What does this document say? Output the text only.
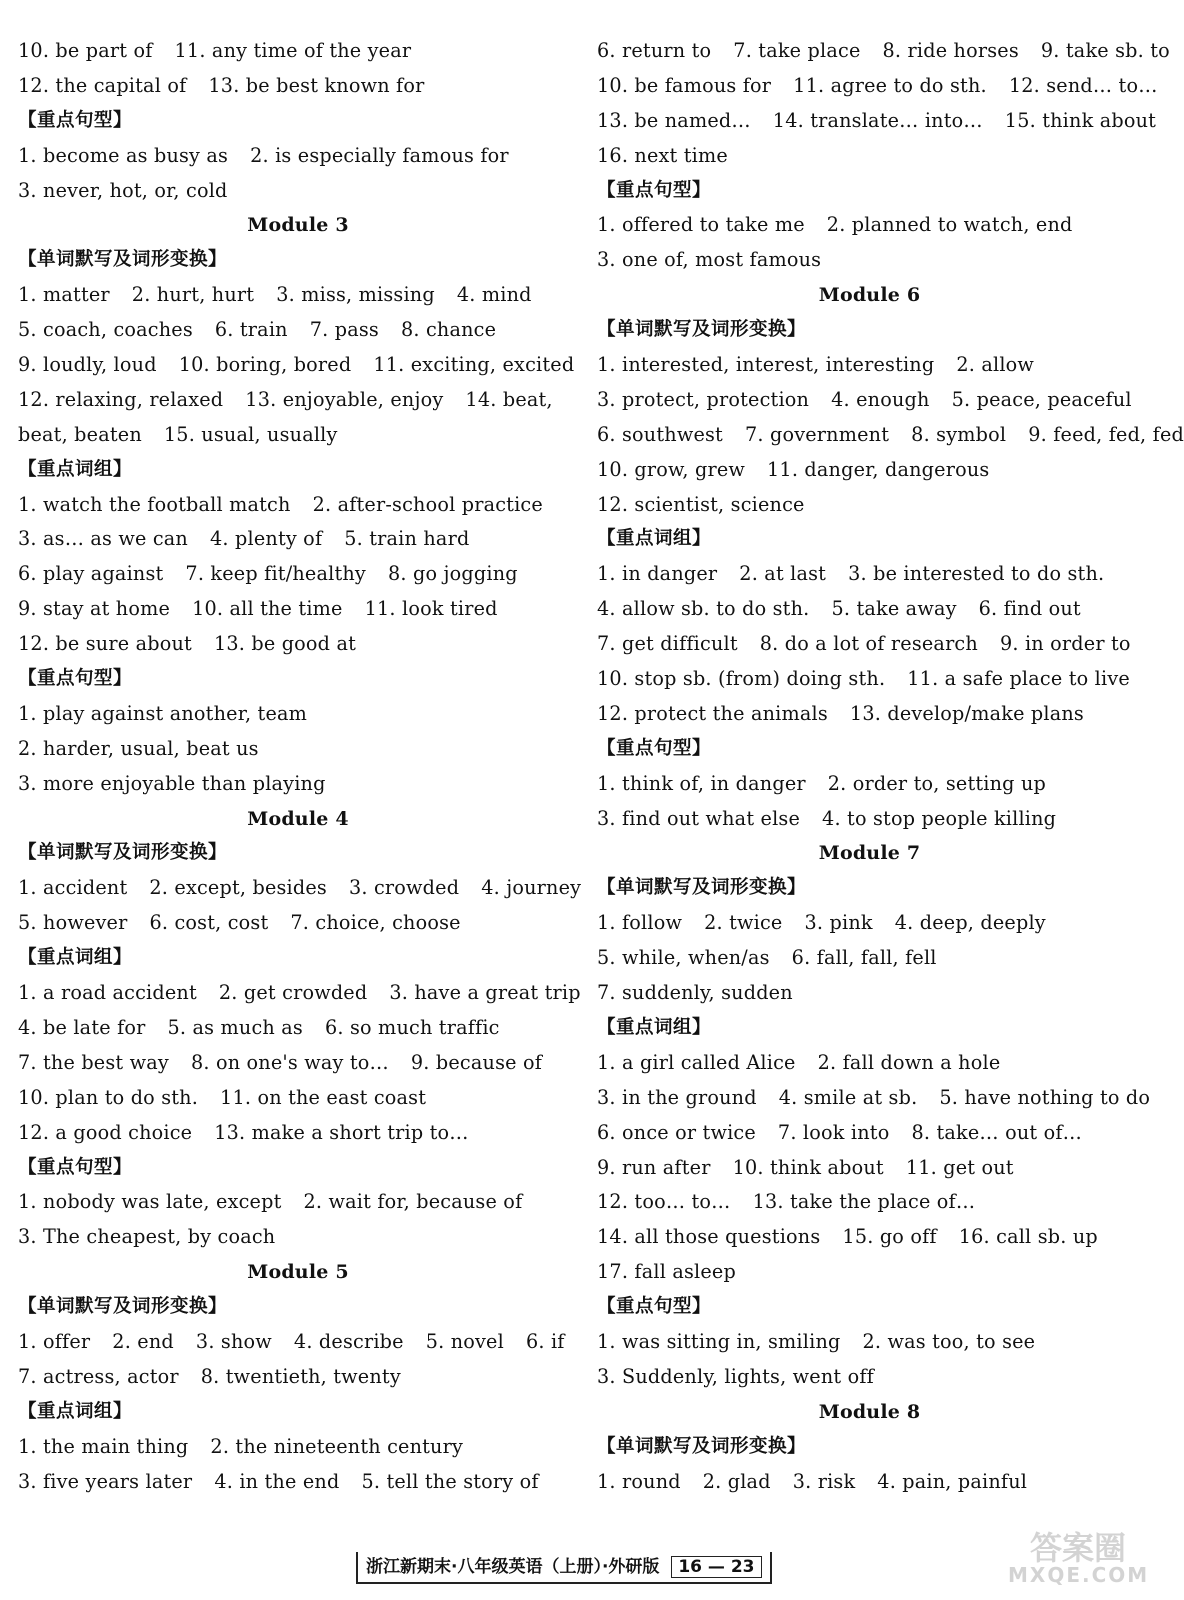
10. be part of 11. any time of the year
12. the capital of 13. be best known for
【重点句型】
1. become as busy as 2. is especially famous for
3. never, hot, or, cold
Module 3
【单词默写及词形变换】
1. matter 2. hurt, hurt 3. miss, missing 4. mind
5. coach, coaches 6. train 7. pass 8. chance
9. loudly, loud 10. boring, bored 11. exciting, excited
12. relaxing, relaxed 13. enjoyable, enjoy 14. beat,
beat, beaten 15. usual, usually
【重点词组】
1. watch the football match 2. after-school practice
3. as… as we can 4. plenty of 5. train hard
6. play against 7. keep fit/healthy 8. go jogging
9. stay at home 10. all the time 11. look tired
12. be sure about 13. be good at
【重点句型】
1. play against another, team
2. harder, usual, beat us
3. more enjoyable than playing
Module 4
【单词默写及词形变换】
1. accident 2. except, besides 3. crowded 4. journey
5. however 6. cost, cost 7. choice, choose
【重点词组】
1. a road accident 2. get crowded 3. have a great trip
4. be late for 5. as much as 6. so much traffic
7. the best way 8. on one's way to… 9. because of
10. plan to do sth. 11. on the east coast
12. a good choice 13. make a short trip to…
【重点句型】
1. nobody was late, except 2. wait for, because of
3. The cheapest, by coach
Module 5
【单词默写及词形变换】
1. offer 2. end 3. show 4. describe 5. novel 6. if
7. actress, actor 8. twentieth, twenty
【重点词组】
1. the main thing 2. the nineteenth century
3. five years later 4. in the end 5. tell the story of
6. return to 7. take place 8. ride horses 9. take sb. to
10. be famous for 11. agree to do sth. 12. send… to…
13. be named… 14. translate… into… 15. think about
16. next time
【重点句型】
1. offered to take me 2. planned to watch, end
3. one of, most famous
Module 6
【单词默写及词形变换】
1. interested, interest, interesting 2. allow
3. protect, protection 4. enough 5. peace, peaceful
6. southwest 7. government 8. symbol 9. feed, fed, fed
10. grow, grew 11. danger, dangerous
12. scientist, science
【重点词组】
1. in danger 2. at last 3. be interested to do sth.
4. allow sb. to do sth. 5. take away 6. find out
7. get difficult 8. do a lot of research 9. in order to
10. stop sb. (from) doing sth. 11. a safe place to live
12. protect the animals 13. develop/make plans
【重点句型】
1. think of, in danger 2. order to, setting up
3. find out what else 4. to stop people killing
Module 7
【单词默写及词形变换】
1. follow 2. twice 3. pink 4. deep, deeply
5. while, when/as 6. fall, fall, fell
7. suddenly, sudden
【重点词组】
1. a girl called Alice 2. fall down a hole
3. in the ground 4. smile at sb. 5. have nothing to do
6. once or twice 7. look into 8. take… out of…
9. run after 10. think about 11. get out
12. too… to… 13. take the place of…
14. all those questions 15. go off 16. call sb. up
17. fall asleep
【重点句型】
1. was sitting in, smiling 2. was too, to see
3. Suddenly, lights, went off
Module 8
【单词默写及词形变换】
1. round 2. glad 3. risk 4. pain, painful
浙江新期末·八年级英语（上册）·外研版 16 — 23	答案圈
MXQE.COM
